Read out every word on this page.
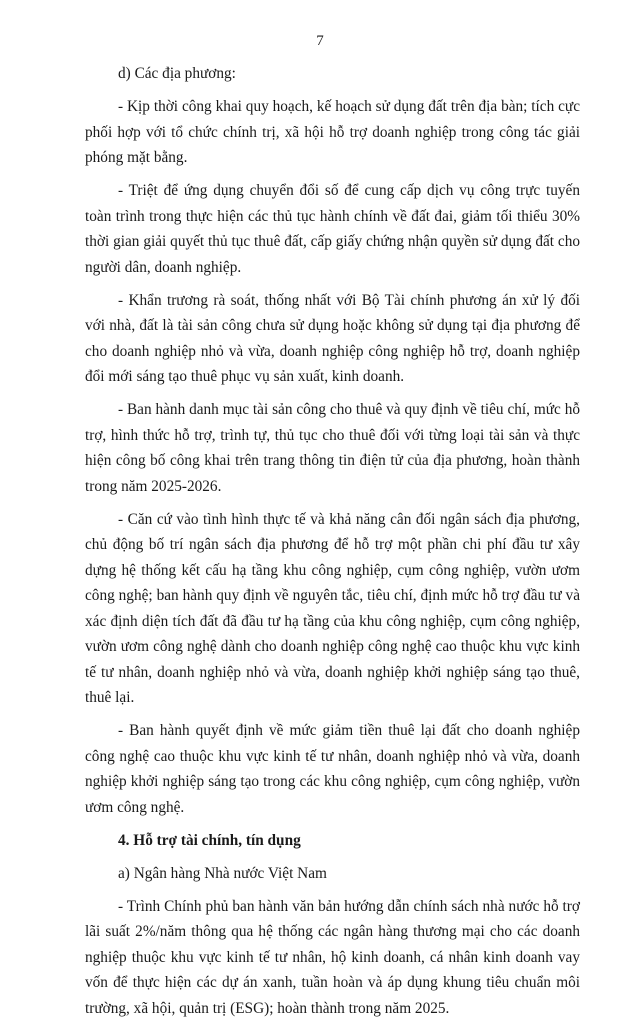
7

d) Các địa phương:

- Kịp thời công khai quy hoạch, kế hoạch sử dụng đất trên địa bàn; tích cực phối hợp với tổ chức chính trị, xã hội hỗ trợ doanh nghiệp trong công tác giải phóng mặt bằng.

- Triệt để ứng dụng chuyển đổi số để cung cấp dịch vụ công trực tuyến toàn trình trong thực hiện các thủ tục hành chính về đất đai, giảm tối thiểu 30% thời gian giải quyết thủ tục thuê đất, cấp giấy chứng nhận quyền sử dụng đất cho người dân, doanh nghiệp.

- Khẩn trương rà soát, thống nhất với Bộ Tài chính phương án xử lý đối với nhà, đất là tài sản công chưa sử dụng hoặc không sử dụng tại địa phương để cho doanh nghiệp nhỏ và vừa, doanh nghiệp công nghiệp hỗ trợ, doanh nghiệp đổi mới sáng tạo thuê phục vụ sản xuất, kinh doanh.

- Ban hành danh mục tài sản công cho thuê và quy định về tiêu chí, mức hỗ trợ, hình thức hỗ trợ, trình tự, thủ tục cho thuê đối với từng loại tài sản và thực hiện công bố công khai trên trang thông tin điện tử của địa phương, hoàn thành trong năm 2025-2026.

- Căn cứ vào tình hình thực tế và khả năng cân đối ngân sách địa phương, chủ động bố trí ngân sách địa phương để hỗ trợ một phần chi phí đầu tư xây dựng hệ thống kết cấu hạ tầng khu công nghiệp, cụm công nghiệp, vườn ươm công nghệ; ban hành quy định về nguyên tắc, tiêu chí, định mức hỗ trợ đầu tư và xác định diện tích đất đã đầu tư hạ tầng của khu công nghiệp, cụm công nghiệp, vườn ươm công nghệ dành cho doanh nghiệp công nghệ cao thuộc khu vực kinh tế tư nhân, doanh nghiệp nhỏ và vừa, doanh nghiệp khởi nghiệp sáng tạo thuê, thuê lại.

- Ban hành quyết định về mức giảm tiền thuê lại đất cho doanh nghiệp công nghệ cao thuộc khu vực kinh tế tư nhân, doanh nghiệp nhỏ và vừa, doanh nghiệp khởi nghiệp sáng tạo trong các khu công nghiệp, cụm công nghiệp, vườn ươm công nghệ.

4. Hỗ trợ tài chính, tín dụng

a) Ngân hàng Nhà nước Việt Nam

- Trình Chính phủ ban hành văn bản hướng dẫn chính sách nhà nước hỗ trợ lãi suất 2%/năm thông qua hệ thống các ngân hàng thương mại cho các doanh nghiệp thuộc khu vực kinh tế tư nhân, hộ kinh doanh, cá nhân kinh doanh vay vốn để thực hiện các dự án xanh, tuần hoàn và áp dụng khung tiêu chuẩn môi trường, xã hội, quản trị (ESG); hoàn thành trong năm 2025.
